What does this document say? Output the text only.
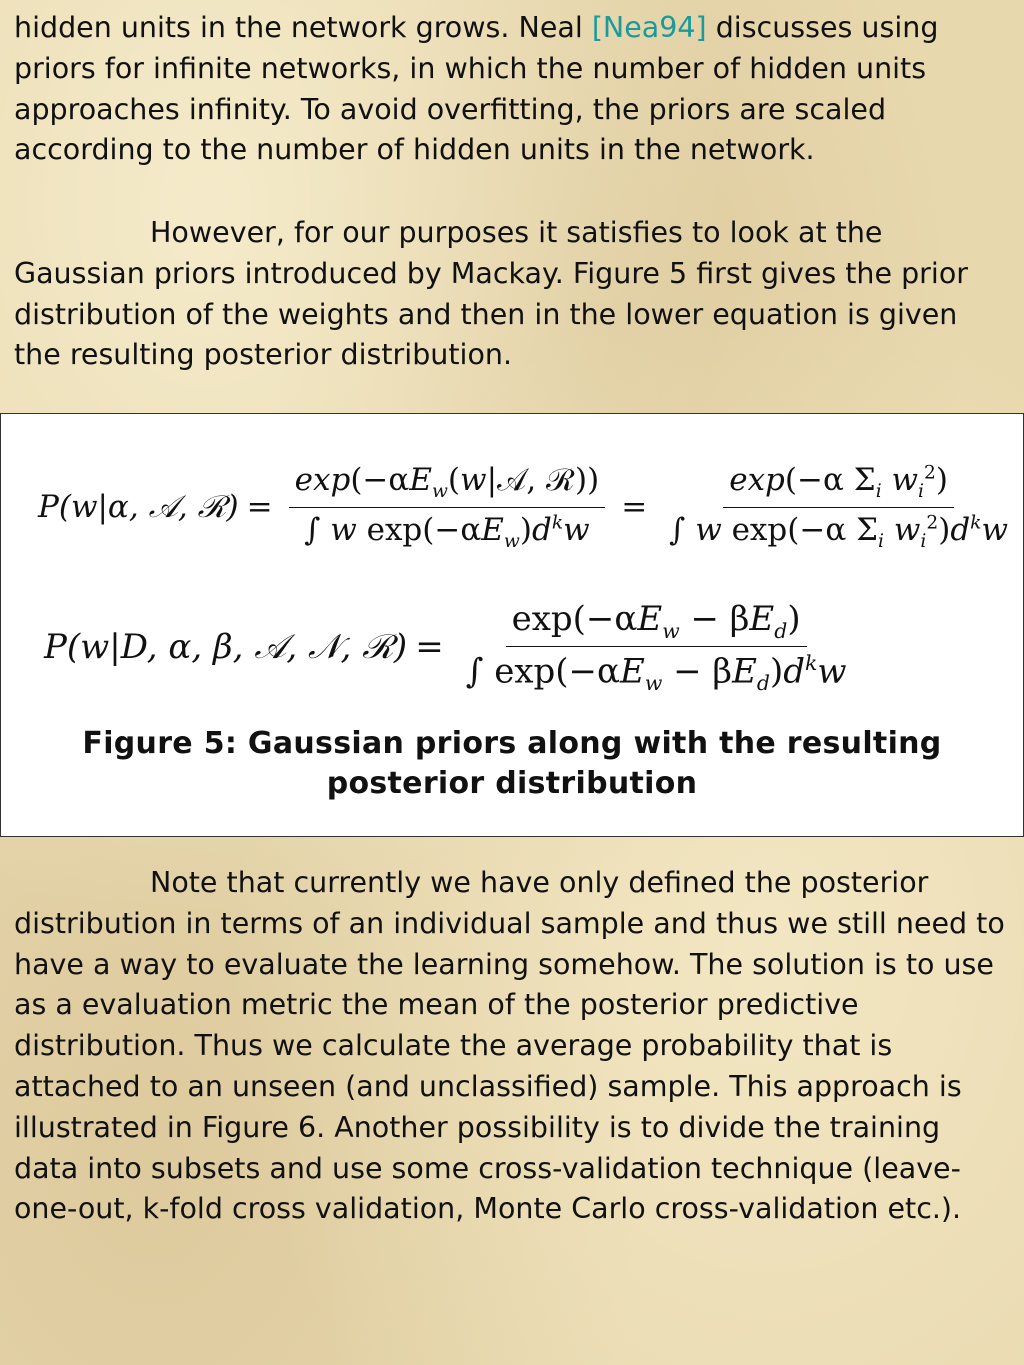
hidden units in the network grows. Neal [Nea94] discusses using priors for infinite networks, in which the number of hidden units approaches infinity. To avoid overfitting, the priors are scaled according to the number of hidden units in the network.

However, for our purposes it satisfies to look at the Gaussian priors introduced by Mackay. Figure 5 first gives the prior distribution of the weights and then in the lower equation is given the resulting posterior distribution.

P(w|α, 𝒜, ℛ) = $\frac{\exp(-\alpha E_w(w|𝒜, ℛ))}{\int w \exp(-\alpha E_w)d^kw} = \frac{\exp(-\alpha \Sigma_i w_i^2)}{\int w \exp(-\alpha \Sigma_i w_i^2)d^kw}$
P(w|D, α, β, 𝒜, 𝒩, ℛ) = $\frac{\exp(-\alpha E_w - \beta E_d)}{\int \exp(-\alpha E_w - \beta E_d)d^kw}$
Figure 5: Gaussian priors along with the resulting posterior distribution

Note that currently we have only defined the posterior distribution in terms of an individual sample and thus we still need to have a way to evaluate the learning somehow. The solution is to use as a evaluation metric the mean of the posterior predictive distribution. Thus we calculate the average probability that is attached to an unseen (and unclassified) sample. This approach is illustrated in Figure 6. Another possibility is to divide the training data into subsets and use some cross-validation technique (leave-one-out, k-fold cross validation, Monte Carlo cross-validation etc.).
